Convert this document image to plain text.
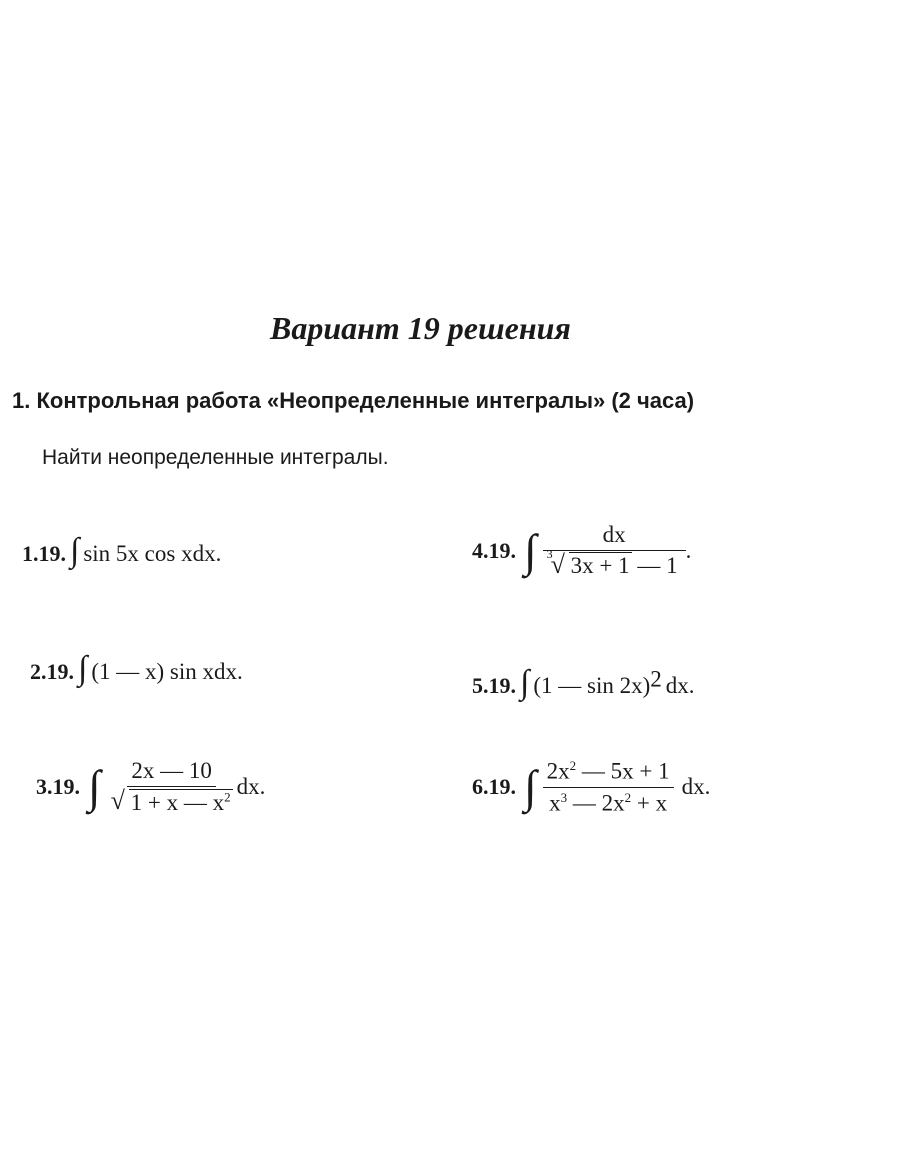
Вариант 19 решения
1. Контрольная работа «Неопределенные интегралы» (2 часа)
Найти неопределенные интегралы.
1.19. ∫ sin 5x cos xdx.
2.19. ∫ (1 — x) sin xdx.
3.19. ∫ $\frac{2x — 10}{√ 1 + x — x^2}$ dx.
4.19. ∫ dx
3
√ 3x + 1 — 1 .
5.19. ∫ (1 — sin 2x)$^2$ dx.
6.19. ∫ $\frac{2x^2 — 5x + 1}{x^3 — 2x^2 + x}$ dx.
